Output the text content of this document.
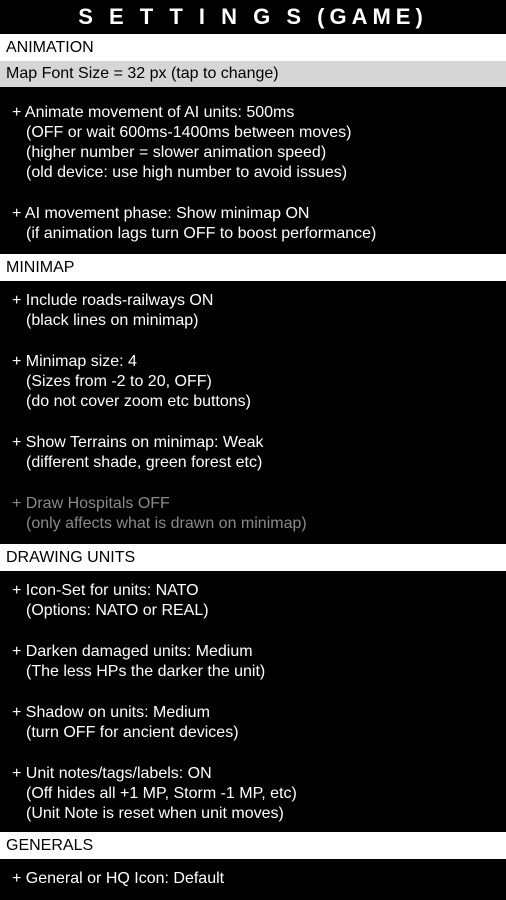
S E T T I N G S (GAME)
ANIMATION
Map Font Size = 32 px (tap to change)
+ Animate movement of AI units: 500ms
(OFF or wait 600ms-1400ms between moves)
(higher number = slower animation speed)
(old device: use high number to avoid issues)
+ AI movement phase: Show minimap ON
(if animation lags turn OFF to boost performance)
MINIMAP
+ Include roads-railways ON
(black lines on minimap)
+ Minimap size: 4
(Sizes from -2 to 20, OFF)
(do not cover zoom etc buttons)
+ Show Terrains on minimap: Weak
(different shade, green forest etc)
+ Draw Hospitals OFF
(only affects what is drawn on minimap)
DRAWING UNITS
+ Icon-Set for units: NATO
(Options: NATO or REAL)
+ Darken damaged units: Medium
(The less HPs the darker the unit)
+ Shadow on units: Medium
(turn OFF for ancient devices)
+ Unit notes/tags/labels: ON
(Off hides all +1 MP, Storm -1 MP, etc)
(Unit Note is reset when unit moves)
GENERALS
+ General or HQ Icon: Default
